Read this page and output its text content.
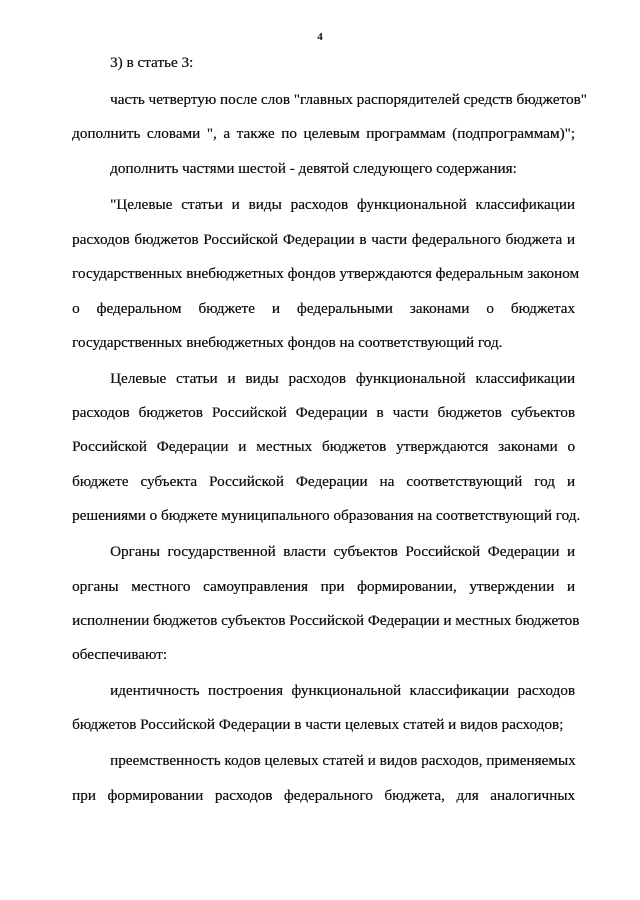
4
3) в статье 3:
часть четвертую после слов "главных распорядителей средств бюджетов"
дополнить словами ", а также по целевым программам (подпрограммам)";
дополнить частями шестой - девятой следующего содержания:
"Целевые статьи и виды расходов функциональной классификации
расходов бюджетов Российской Федерации в части федерального бюджета и
государственных внебюджетных фондов утверждаются федеральным законом
о федеральном бюджете и федеральными законами о бюджетах
государственных внебюджетных фондов на соответствующий год.
Целевые статьи и виды расходов функциональной классификации
расходов бюджетов Российской Федерации в части бюджетов субъектов
Российской Федерации и местных бюджетов утверждаются законами о
бюджете субъекта Российской Федерации на соответствующий год и
решениями о бюджете муниципального образования на соответствующий год.
Органы государственной власти субъектов Российской Федерации и
органы местного самоуправления при формировании, утверждении и
исполнении бюджетов субъектов Российской Федерации и местных бюджетов
обеспечивают:
идентичность построения функциональной классификации расходов
бюджетов Российской Федерации в части целевых статей и видов расходов;
преемственность кодов целевых статей и видов расходов, применяемых
при формировании расходов федерального бюджета, для аналогичных
